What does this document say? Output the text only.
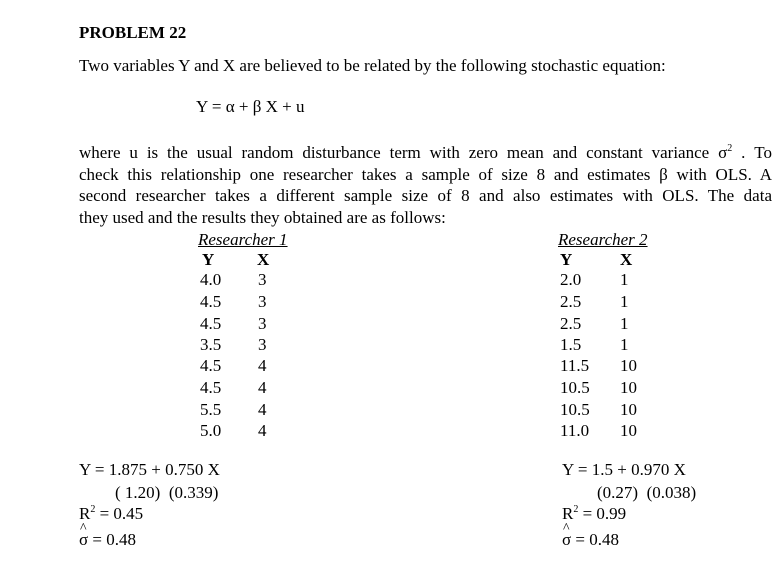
PROBLEM 22
Two variables Y and X are believed to be related by the following stochastic equation:
Y = α + β X + u
where u is the usual random disturbance term with zero mean and constant variance $\sigma^2$ . To
check this relationship one researcher takes a sample of size 8 and estimates β with OLS. A
second researcher takes a different sample size of 8 and also estimates with OLS. The data
they used and the results they obtained are as follows:
Researcher 1
Y	X
4.0 3
4.5 3
4.5 3
3.5 3
4.5 4
4.5 4
5.5 4
5.0 4
Y = 1.875 + 0.750 X
( 1.20)  (0.339)
$R^2 = 0.45$
^ σ = 0.48
Researcher 2
Y	X
2.0 1
2.5 1
2.5 1
1.5 1
11.5 10
10.5 10
10.5 10
11.0 10
Y = 1.5 + 0.970 X
(0.27)  (0.038)
$R^2 = 0.99$
^ σ = 0.48
